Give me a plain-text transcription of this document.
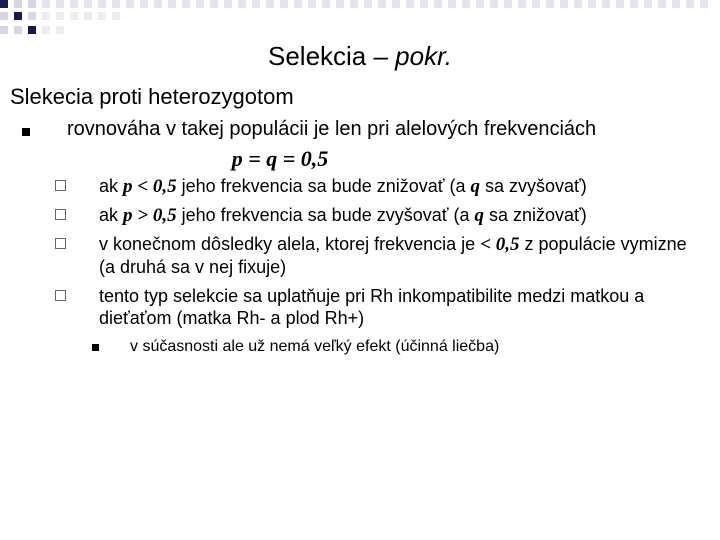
Selekcia – pokr.
Slekecia proti heterozygotom
rovnováha v takej populácii je len pri alelových frekvenciách
p = q = 0,5
ak p < 0,5 jeho frekvencia sa bude znižovať (a q sa zvyšovať)
ak p > 0,5 jeho frekvencia sa bude zvyšovať (a q sa znižovať)
v konečnom dôsledky alela, ktorej frekvencia je < 0,5 z populácie vymizne (a druhá sa v nej fixuje)
tento typ selekcie sa uplatňuje pri Rh inkompatibilite medzi matkou a dieťaťom (matka Rh- a plod Rh+)
v súčasnosti ale už nemá veľký efekt (účinná liečba)
